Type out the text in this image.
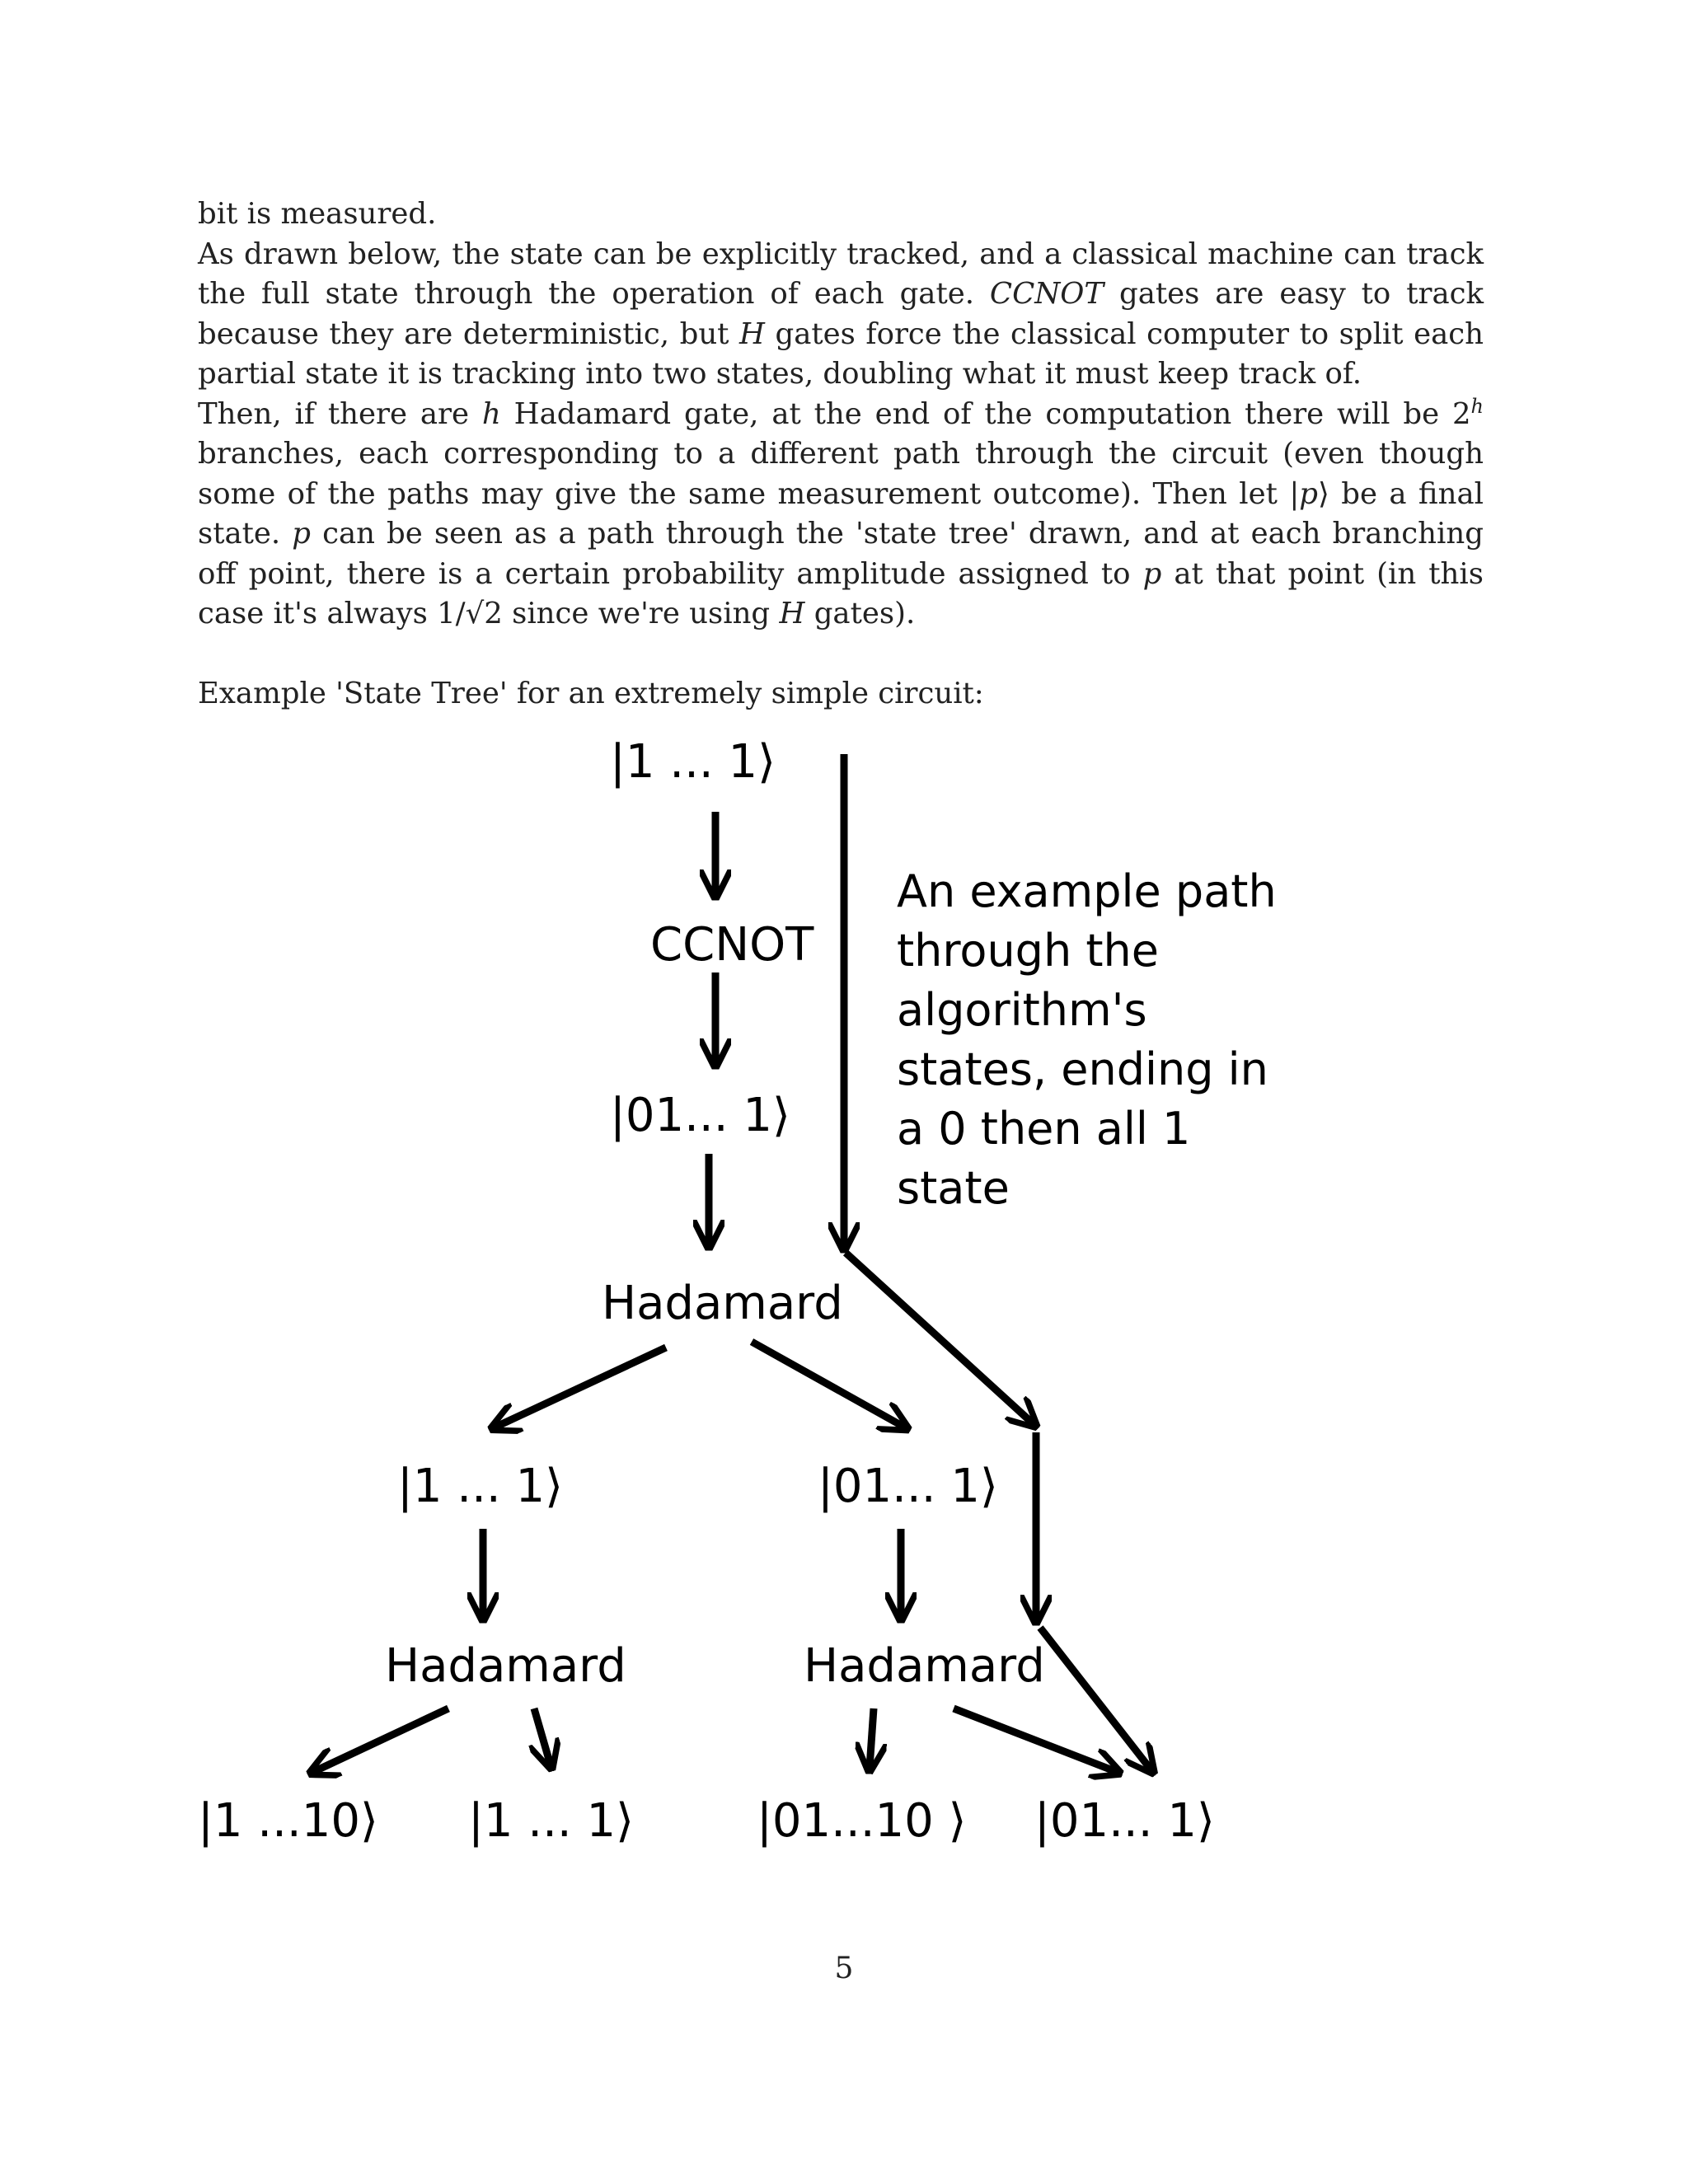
bit is measured.

As drawn below, the state can be explicitly tracked, and a classical machine can track the full state through the operation of each gate. CCNOT gates are easy to track because they are deterministic, but H gates force the classical computer to split each partial state it is tracking into two states, doubling what it must keep track of.

Then, if there are h Hadamard gate, at the end of the computation there will be 2$^h$ branches, each corresponding to a different path through the circuit (even though some of the paths may give the same measurement outcome). Then let |p⟩ be a final state. p can be seen as a path through the 'state tree' drawn, and at each branching off point, there is a certain probability amplitude assigned to p at that point (in this case it's always 1/√2 since we're using H gates).

Example 'State Tree' for an extremely simple circuit:

|1 ... 1⟩
CCNOT
|01... 1⟩
Hadamard
|1 ... 1⟩	|01... 1⟩
Hadamard	Hadamard
|1 ...10⟩ |1 ... 1⟩	|01...10 ⟩ |01... 1⟩
An example path
through the
algorithm's
states, ending in
a 0 then all 1
state
5
